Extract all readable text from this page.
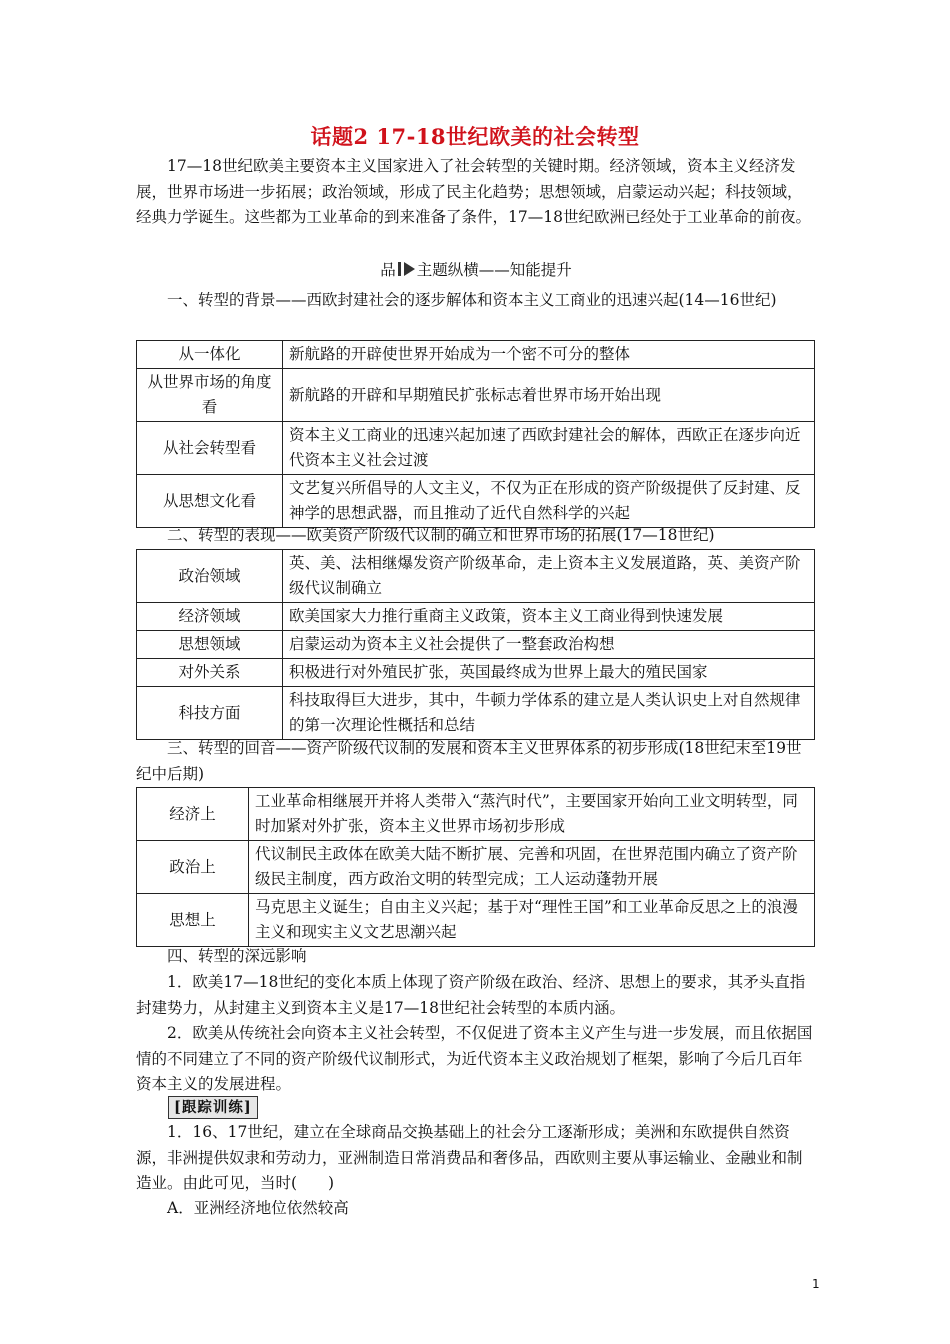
话题2 17-18世纪欧美的社会转型

17—18世纪欧美主要资本主义国家进入了社会转型的关键时期。经济领域，资本主义经济发展，世界市场进一步拓展；政治领域，形成了民主化趋势；思想领域，启蒙运动兴起；科技领域，经典力学诞生。这些都为工业革命的到来准备了条件，17—18世纪欧洲已经处于工业革命的前夜。

品 主题纵横——知能提升

一、转型的背景——西欧封建社会的逐步解体和资本主义工商业的迅速兴起(14—16世纪)

从一体化	新航路的开辟使世界开始成为一个密不可分的整体
从世界市场的角度看	新航路的开辟和早期殖民扩张标志着世界市场开始出现
从社会转型看	资本主义工商业的迅速兴起加速了西欧封建社会的解体，西欧正在逐步向近代资本主义社会过渡
从思想文化看	文艺复兴所倡导的人文主义，不仅为正在形成的资产阶级提供了反封建、反神学的思想武器，而且推动了近代自然科学的兴起

二、转型的表现——欧美资产阶级代议制的确立和世界市场的拓展(17—18世纪)

政治领域	英、美、法相继爆发资产阶级革命，走上资本主义发展道路，英、美资产阶级代议制确立
经济领域	欧美国家大力推行重商主义政策，资本主义工商业得到快速发展
思想领域	启蒙运动为资本主义社会提供了一整套政治构想
对外关系	积极进行对外殖民扩张，英国最终成为世界上最大的殖民国家
科技方面	科技取得巨大进步，其中，牛顿力学体系的建立是人类认识史上对自然规律的第一次理论性概括和总结

三、转型的回音——资产阶级代议制的发展和资本主义世界体系的初步形成(18世纪末至19世纪中后期)

经济上	工业革命相继展开并将人类带入“蒸汽时代”，主要国家开始向工业文明转型，同时加紧对外扩张，资本主义世界市场初步形成
政治上	代议制民主政体在欧美大陆不断扩展、完善和巩固，在世界范围内确立了资产阶级民主制度，西方政治文明的转型完成；工人运动蓬勃开展
思想上	马克思主义诞生；自由主义兴起；基于对“理性王国”和工业革命反思之上的浪漫主义和现实主义文艺思潮兴起

四、转型的深远影响

1．欧美17—18世纪的变化本质上体现了资产阶级在政治、经济、思想上的要求，其矛头直指封建势力，从封建主义到资本主义是17—18世纪社会转型的本质内涵。

2．欧美从传统社会向资本主义社会转型，不仅促进了资本主义产生与进一步发展，而且依据国情的不同建立了不同的资产阶级代议制形式，为近代资本主义政治规划了框架，影响了今后几百年资本主义的发展进程。

[跟踪训练]

1．16、17世纪，建立在全球商品交换基础上的社会分工逐渐形成；美洲和东欧提供自然资源，非洲提供奴隶和劳动力，亚洲制造日常消费品和奢侈品，西欧则主要从事运输业、金融业和制造业。由此可见，当时(　　)

A．亚洲经济地位依然较高

1
